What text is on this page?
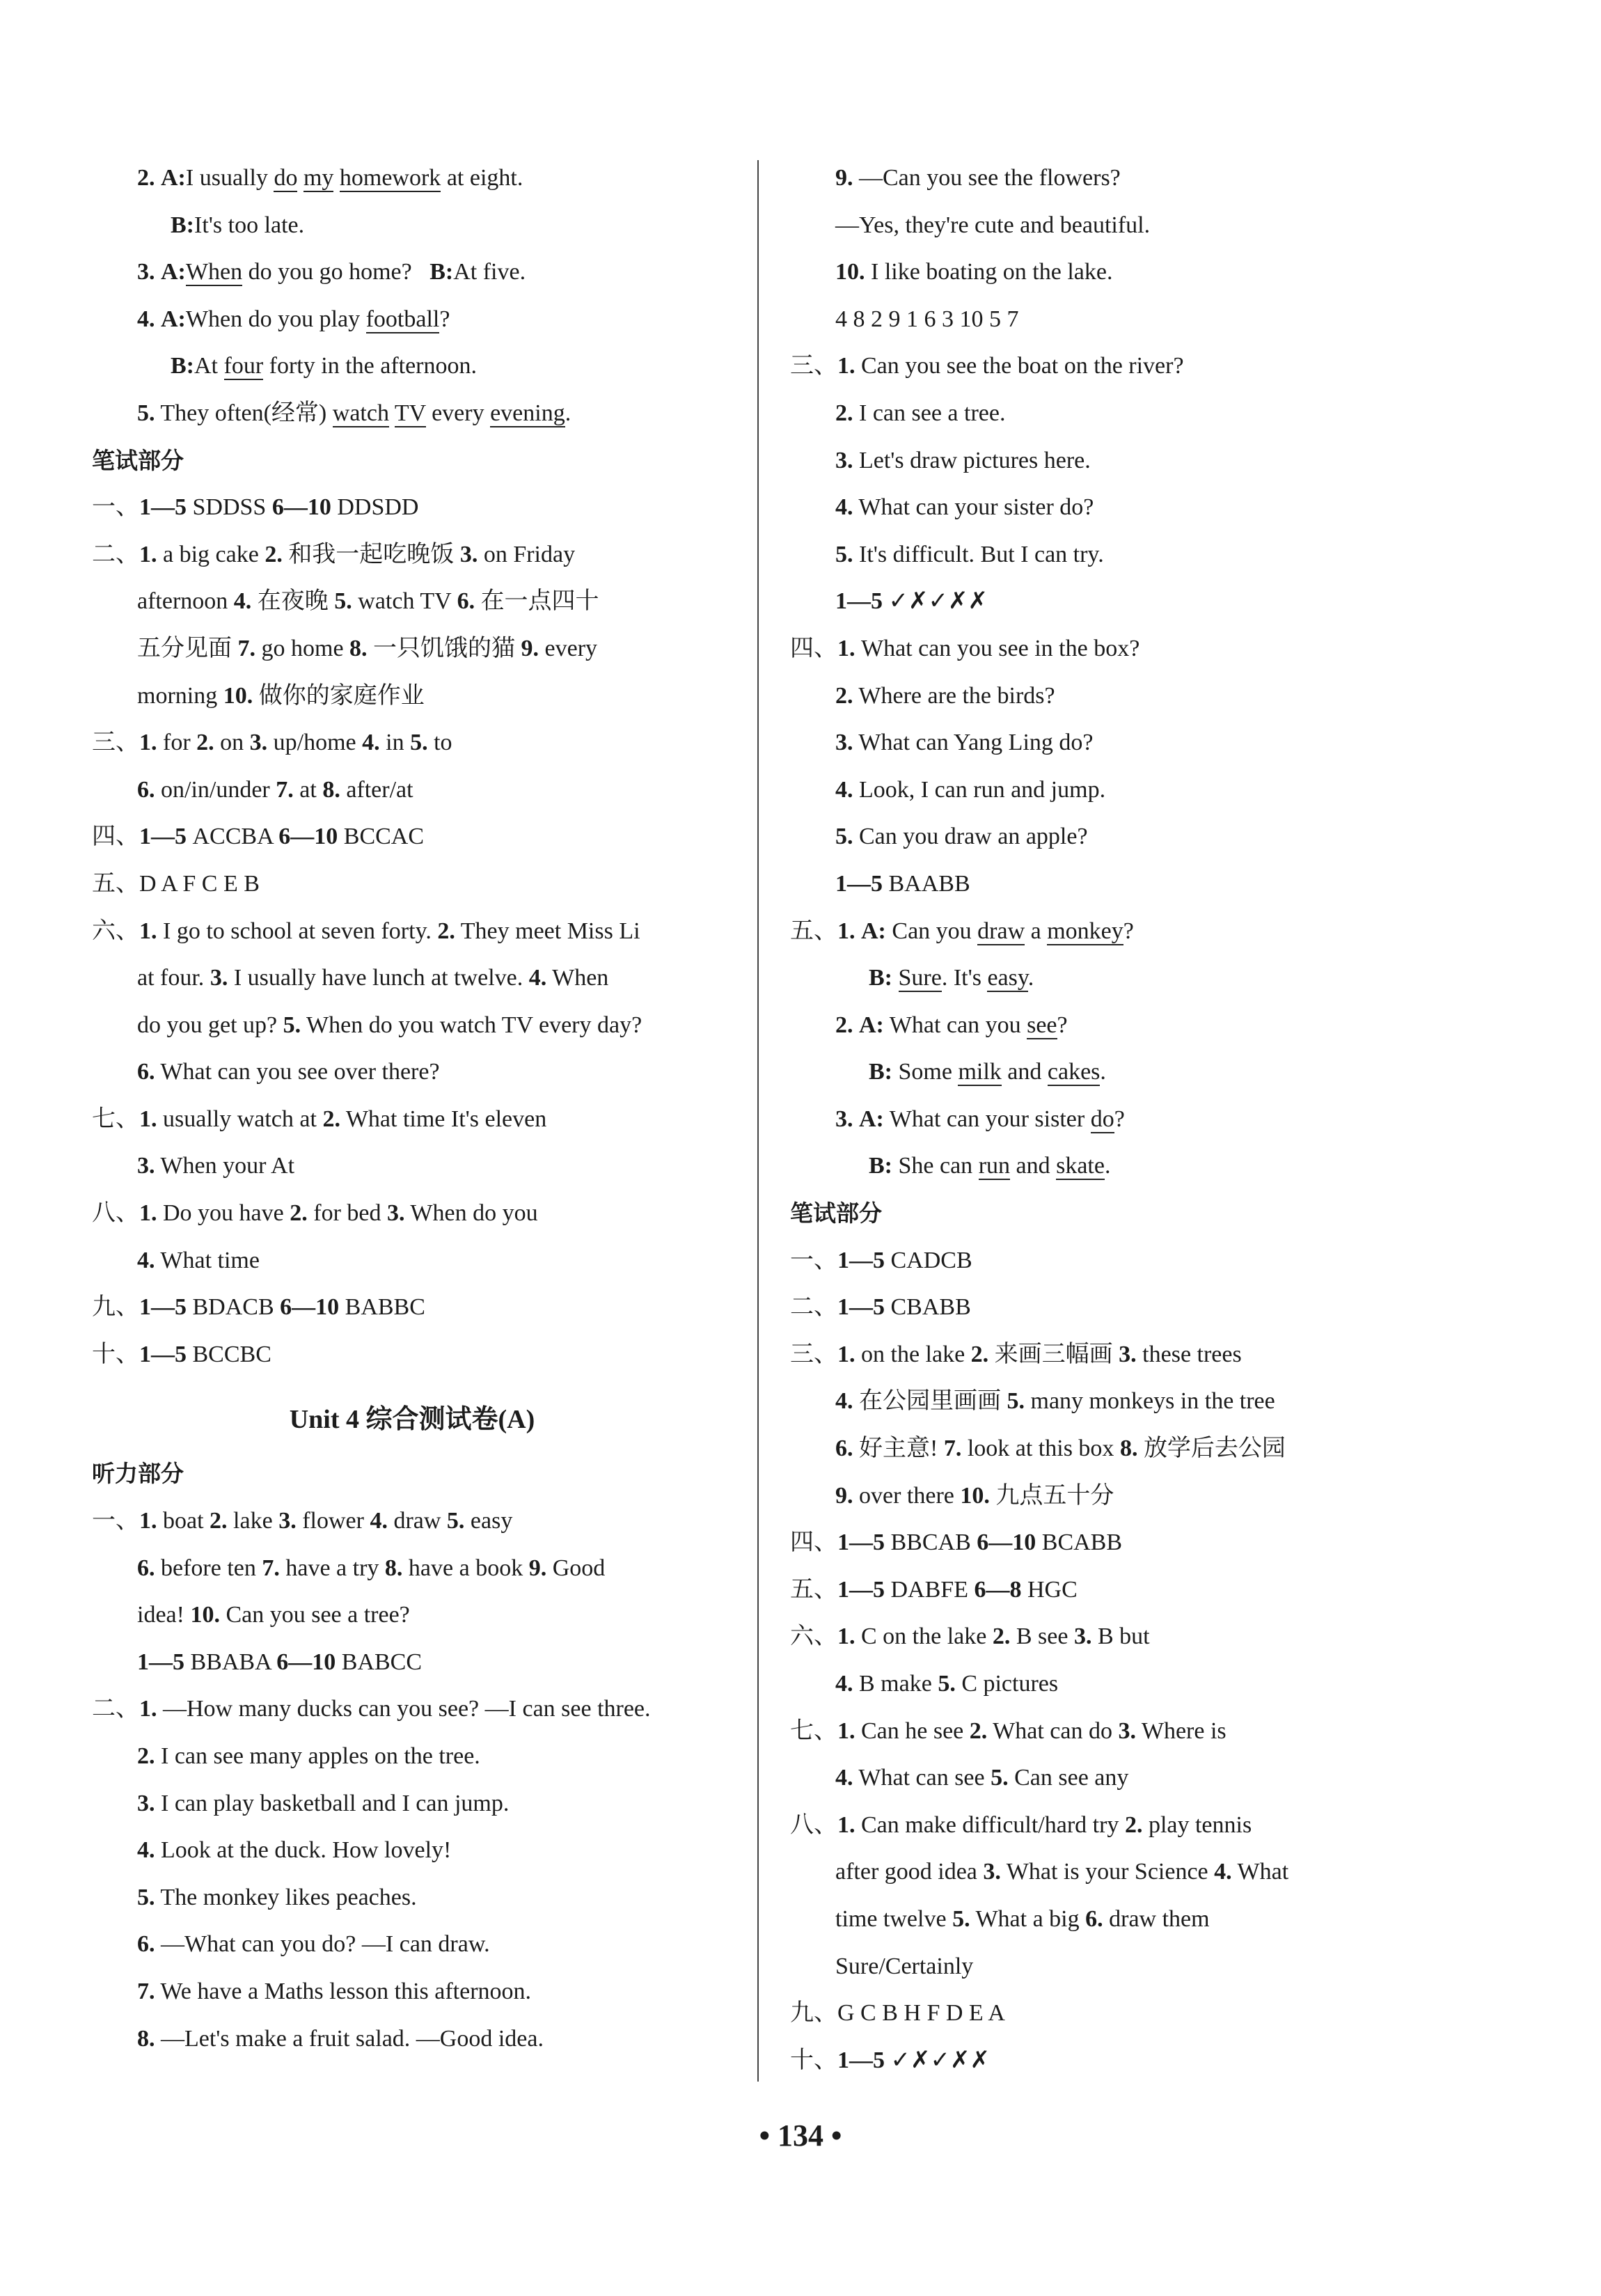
2. A:I usually do my homework at eight.
B:It's too late.
3. A:When do you go home? B:At five.
4. A:When do you play football?
B:At four forty in the afternoon.
5. They often(经常) watch TV every evening.
笔试部分
一、1—5 SDDSS 6—10 DDSDD
二、1. a big cake 2. 和我一起吃晚饭 3. on Friday
afternoon 4. 在夜晚 5. watch TV 6. 在一点四十
五分见面 7. go home 8. 一只饥饿的猫 9. every
morning 10. 做你的家庭作业
三、1. for 2. on 3. up/home 4. in 5. to
6. on/in/under 7. at 8. after/at
四、1—5 ACCBA 6—10 BCCAC
五、D A F C E B
六、1. I go to school at seven forty. 2. They meet Miss Li
at four. 3. I usually have lunch at twelve. 4. When
do you get up? 5. When do you watch TV every day?
6. What can you see over there?
七、1. usually watch at 2. What time It's eleven
3. When your At
八、1. Do you have 2. for bed 3. When do you
4. What time
九、1—5 BDACB 6—10 BABBC
十、1—5 BCCBC
Unit 4 综合测试卷(A)
听力部分
一、1. boat 2. lake 3. flower 4. draw 5. easy
6. before ten 7. have a try 8. have a book 9. Good
idea! 10. Can you see a tree?
1—5 BBABA 6—10 BABCC
二、1. —How many ducks can you see? —I can see three.
2. I can see many apples on the tree.
3. I can play basketball and I can jump.
4. Look at the duck. How lovely!
5. The monkey likes peaches.
6. —What can you do? —I can draw.
7. We have a Maths lesson this afternoon.
8. —Let's make a fruit salad. —Good idea.
9. —Can you see the flowers?
—Yes, they're cute and beautiful.
10. I like boating on the lake.
4 8 2 9 1 6 3 10 5 7
三、1. Can you see the boat on the river?
2. I can see a tree.
3. Let's draw pictures here.
4. What can your sister do?
5. It's difficult. But I can try.
1—5 ✓✗✓✗✗
四、1. What can you see in the box?
2. Where are the birds?
3. What can Yang Ling do?
4. Look, I can run and jump.
5. Can you draw an apple?
1—5 BAABB
五、1. A: Can you draw a monkey?
B: Sure. It's easy.
2. A: What can you see?
B: Some milk and cakes.
3. A: What can your sister do?
B: She can run and skate.
笔试部分
一、1—5 CADCB
二、1—5 CBABB
三、1. on the lake 2. 来画三幅画 3. these trees
4. 在公园里画画 5. many monkeys in the tree
6. 好主意! 7. look at this box 8. 放学后去公园
9. over there 10. 九点五十分
四、1—5 BBCAB 6—10 BCABB
五、1—5 DABFE 6—8 HGC
六、1. C on the lake 2. B see 3. B but
4. B make 5. C pictures
七、1. Can he see 2. What can do 3. Where is
4. What can see 5. Can see any
八、1. Can make difficult/hard try 2. play tennis
after good idea 3. What is your Science 4. What
time twelve 5. What a big 6. draw them
Sure/Certainly
九、G C B H F D E A
十、1—5 ✓✗✓✗✗
• 134 •
